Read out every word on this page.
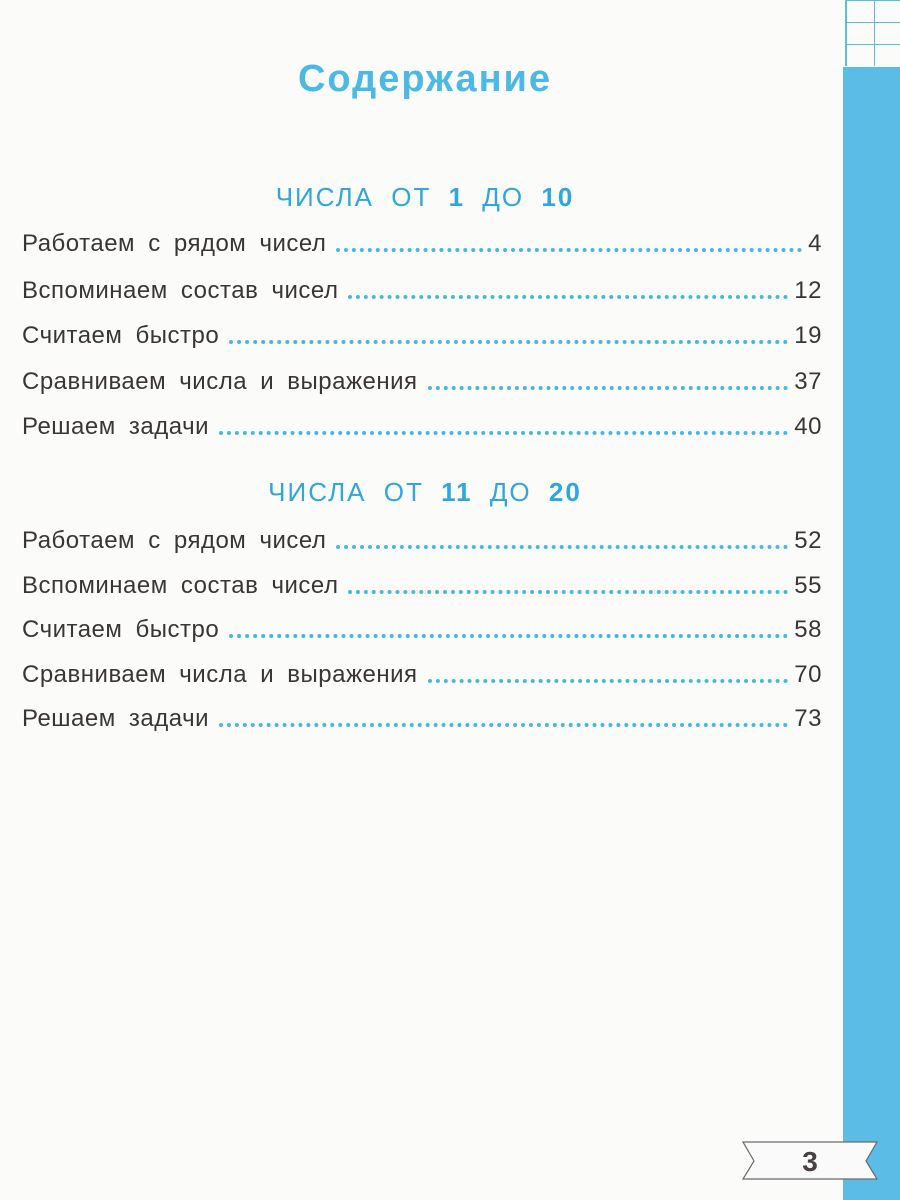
Содержание
ЧИСЛА ОТ 1 ДО 10
Работаем с рядом чисел	4
Вспоминаем состав чисел	12
Считаем быстро	19
Сравниваем числа и выражения	37
Решаем задачи	40
ЧИСЛА ОТ 11 ДО 20
Работаем с рядом чисел	52
Вспоминаем состав чисел	55
Считаем быстро	58
Сравниваем числа и выражения	70
Решаем задачи	73
3
